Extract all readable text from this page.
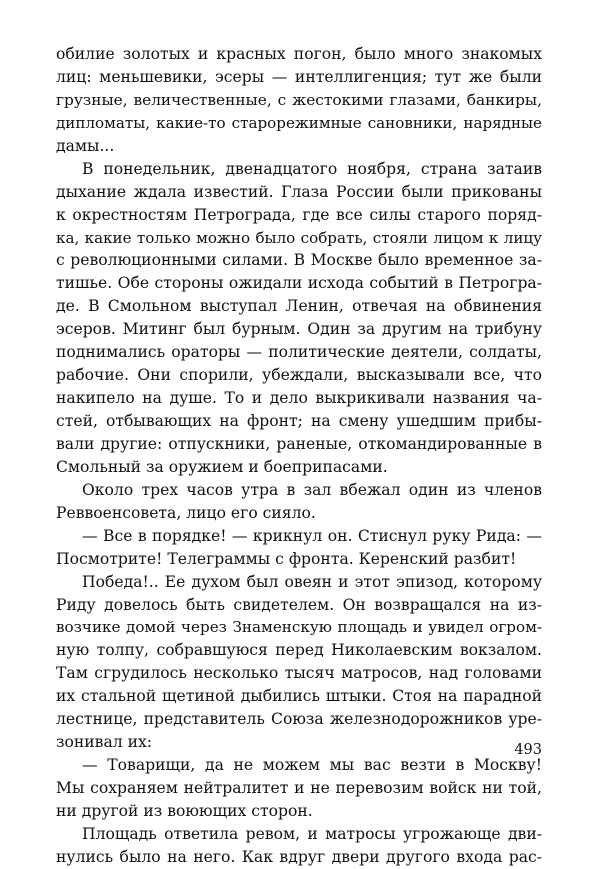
обилие золотых и красных погон, было много знакомых
лиц: меньшевики, эсеры — интеллигенция; тут же были
грузные, величественные, с жестокими глазами, банкиры,
дипломаты, какие-то старорежимные сановники, нарядные
дамы...
В понедельник, двенадцатого ноября, страна затаив
дыхание ждала известий. Глаза России были прикованы
к окрестностям Петрограда, где все силы старого поряд-
ка, какие только можно было собрать, стояли лицом к лицу
с революционными силами. В Москве было временное за-
тишье. Обе стороны ожидали исхода событий в Петрогра-
де. В Смольном выступал Ленин, отвечая на обвинения
эсеров. Митинг был бурным. Один за другим на трибуну
поднимались ораторы — политические деятели, солдаты,
рабочие. Они спорили, убеждали, высказывали все, что
накипело на душе. То и дело выкрикивали названия ча-
стей, отбывающих на фронт; на смену ушедшим прибы-
вали другие: отпускники, раненые, откомандированные в
Смольный за оружием и боеприпасами.
Около трех часов утра в зал вбежал один из членов
Реввоенсовета, лицо его сияло.
— Все в порядке! — крикнул он. Стиснул руку Рида: —
Посмотрите! Телеграммы с фронта. Керенский разбит!
Победа!.. Ее духом был овеян и этот эпизод, которому
Риду довелось быть свидетелем. Он возвращался на из-
возчике домой через Знаменскую площадь и увидел огром-
ную толпу, собравшуюся перед Николаевским вокзалом.
Там сгрудилось несколько тысяч матросов, над головами
их стальной щетиной дыбились штыки. Стоя на парадной
лестнице, представитель Союза железнодорожников уре-
зонивал их:
— Товарищи, да не можем мы вас везти в Москву!
Мы сохраняем нейтралитет и не перевозим войск ни той,
ни другой из воюющих сторон.
Площадь ответила ревом, и матросы угрожающе дви-
нулись было на него. Как вдруг двери другого входа рас-
493
